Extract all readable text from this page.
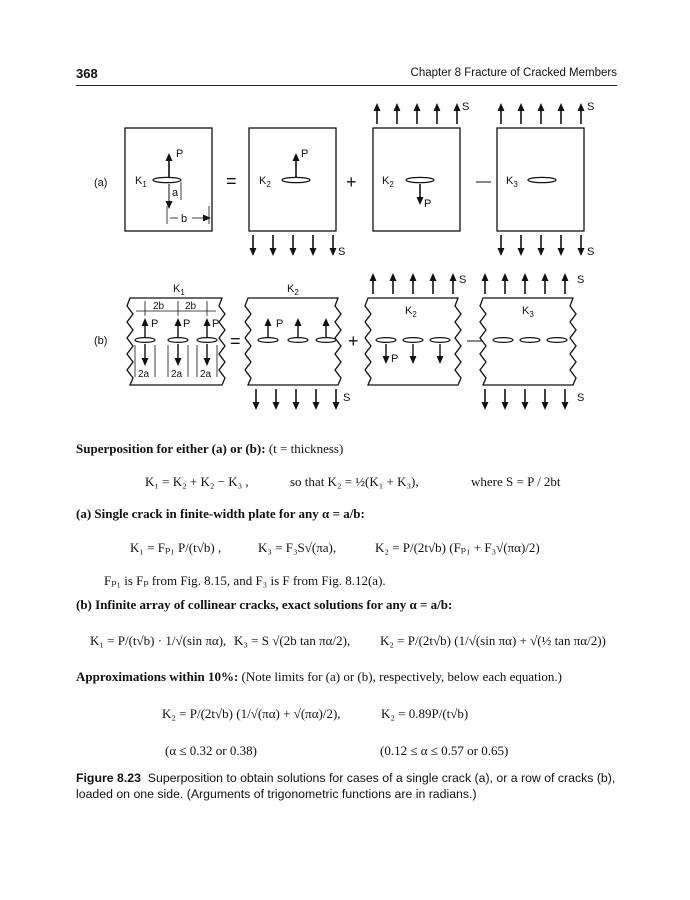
368	Chapter 8 Fracture of Cracked Members
(a)
P
$K_1$
a
b
=
P
$K_2$	+
P
$K_2$
S
— $K_3$
S
S	S
(b)
$K_1$
P P P
2b 2b
2a 2a 2a
=
$K_2$
P
+
S
$K_2$
P
—
S
$K_3$
S	S
Superposition for either (a) or (b): (t = thickness)
K₁ = K₂ + K₂ − K₃ ,	so that K₂ = ½(K₁ + K₃),	where S = P / 2bt
(a) Single crack in finite-width plate for any α = a/b:
K₁ = Fₚ₁ P/(t√b) ,	K₃ = F₃S√(πa),	K₂ = P/(2t√b) (Fₚ₁ + F₃√(πα)/2)
Fₚ₁ is Fₚ from Fig. 8.15, and F₃ is F from Fig. 8.12(a).
(b) Infinite array of collinear cracks, exact solutions for any α = a/b:
K₁ = P/(t√b) · 1/√(sin πα), K₃ = S √(2b tan πα/2), K₂ = P/(2t√b) (1/√(sin πα) + √(½ tan πα/2))
Approximations within 10%: (Note limits for (a) or (b), respectively, below each equation.)
K₂ = P/(2t√b) (1/√(πα) + √(πα)/2),	K₂ = 0.89P/(t√b)
(α ≤ 0.32 or 0.38)	(0.12 ≤ α ≤ 0.57 or 0.65)
Figure 8.23 Superposition to obtain solutions for cases of a single crack (a), or a row of cracks (b), loaded on one side. (Arguments of trigonometric functions are in radians.)
